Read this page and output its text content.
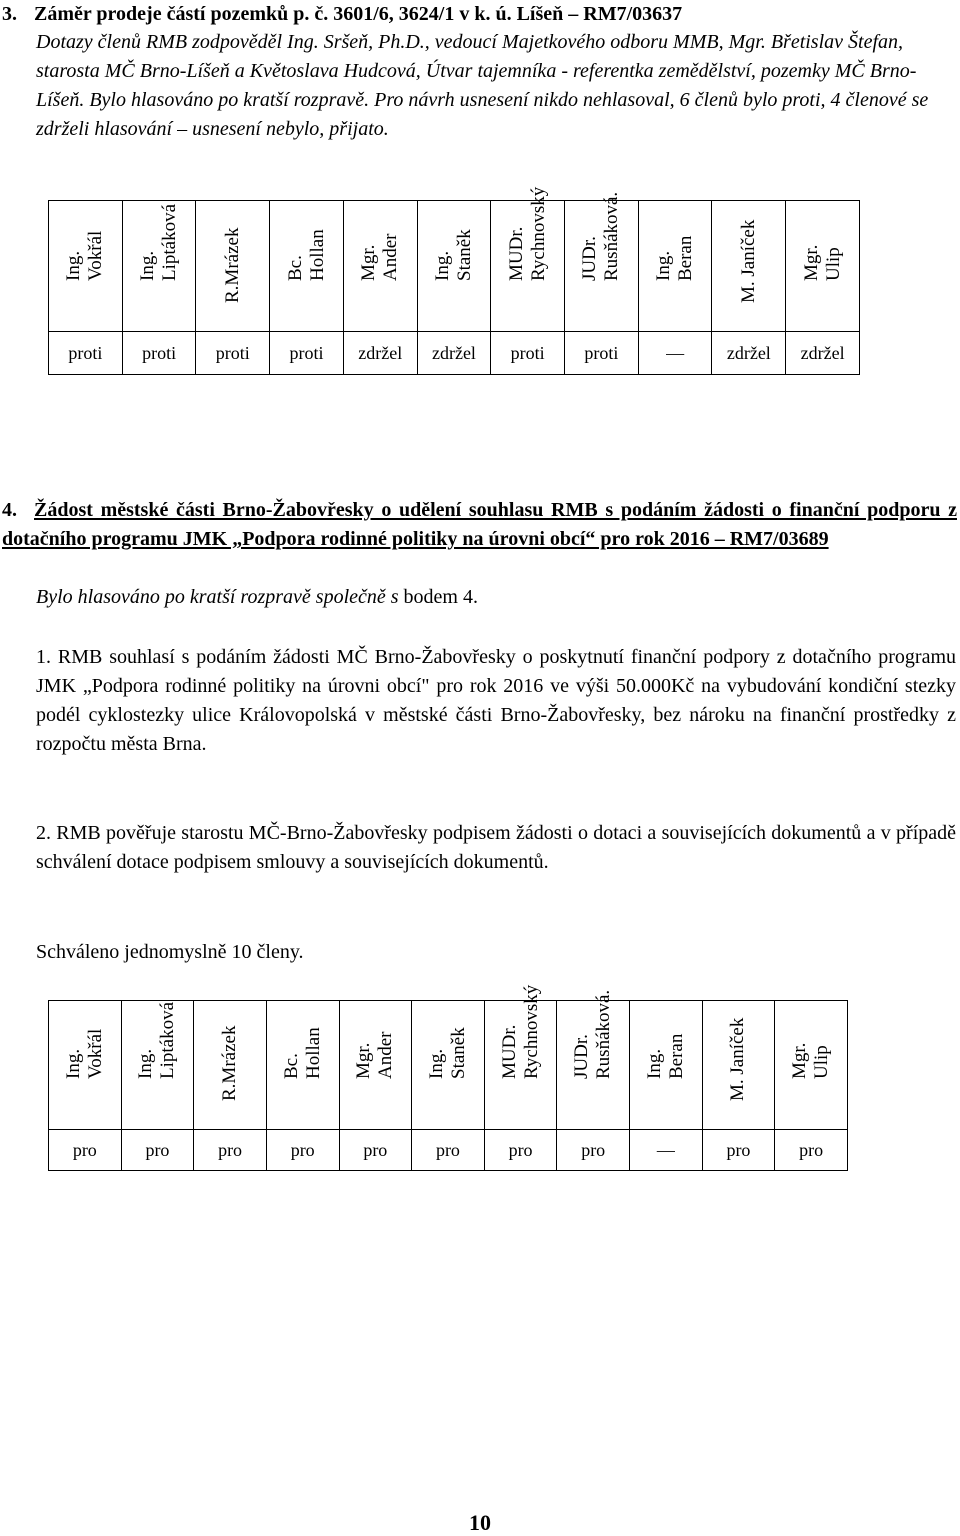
3. Záměr prodeje částí pozemků p. č. 3601/6, 3624/1 v k. ú. Líšeň – RM7/03637
Dotazy členů RMB zodpověděl Ing. Sršeň, Ph.D., vedoucí Majetkového odboru MMB, Mgr. Břetislav Štefan, starosta MČ Brno-Líšeň a Květoslava Hudcová, Útvar tajemníka - referentka zemědělství, pozemky MČ Brno-Líšeň. Bylo hlasováno po kratší rozpravě. Pro návrh usnesení nikdo nehlasoval, 6 členů bylo proti, 4 členové se zdrželi hlasování – usnesení nebylo, přijato.
Ing. Vokřál	Ing. Liptáková	R.Mrázek	Bc. Hollan	Mgr. Ander	Ing. Staněk	MUDr. Rychnovský	JUDr. Rusňáková.	Ing. Beran	M. Janíček	Mgr. Ulip

proti	proti	proti	proti	zdržel	zdržel	proti	proti	—	zdržel	zdržel
4. Žádost městské části Brno-Žabovřesky o udělení souhlasu RMB s podáním žádosti o finanční podporu z dotačního programu JMK „Podpora rodinné politiky na úrovni obcí“ pro rok 2016 – RM7/03689
Bylo hlasováno po kratší rozpravě společně s bodem 4.
1. RMB souhlasí s podáním žádosti MČ Brno-Žabovřesky o poskytnutí finanční podpory z dotačního programu JMK „Podpora rodinné politiky na úrovni obcí" pro rok 2016 ve výši 50.000Kč na vybudování kondiční stezky podél cyklostezky ulice Královopolská v městské části Brno-Žabovřesky, bez nároku na finanční prostředky z rozpočtu města Brna.
2. RMB pověřuje starostu MČ-Brno-Žabovřesky podpisem žádosti o dotaci a souvisejících dokumentů a v případě schválení dotace podpisem smlouvy a souvisejících dokumentů.
Schváleno jednomyslně 10 členy.
Ing. Vokřál	Ing. Liptáková	R.Mrázek	Bc. Hollan	Mgr. Ander	Ing. Staněk	MUDr. Rychnovský	JUDr. Rusňáková.	Ing. Beran	M. Janíček	Mgr. Ulip

pro	pro	pro	pro	pro	pro	pro	pro	—	pro	pro
10
